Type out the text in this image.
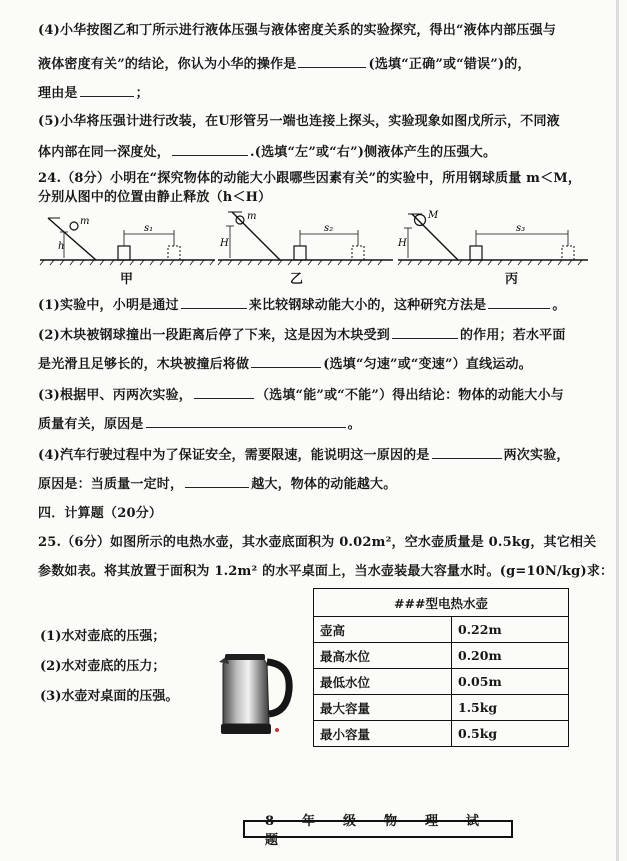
(4)小华按图乙和丁所示进行液体压强与液体密度关系的实验探究，得出“液体内部压强与
液体密度有关”的结论，你认为小华的操作是	(选填“正确”或“错误”)的，
理由是	；
(5)小华将压强计进行改装，在U形管另一端也连接上探头，实验现象如图戊所示，不同液
体内部在同一深度处，	.(选填“左”或“右”)侧液体产生的压强大。
24.（8分）小明在“探究物体的动能大小跟哪些因素有关”的实验中，所用钢球质量 m＜M，
分别从图中的位置由静止释放（h＜H）
h
m
s₁
甲
H
m
s₂
乙
H
M
s₃
丙
(1)实验中，小明是通过	来比较钢球动能大小的，这种研究方法是	。
(2)木块被钢球撞出一段距离后停了下来，这是因为木块受到	的作用；若水平面
是光滑且足够长的，木块被撞后将做	(选填“匀速”或“变速”）直线运动。
(3)根据甲、丙两次实验，	（选填“能”或“不能”）得出结论：物体的动能大小与
质量有关，原因是	。
(4)汽车行驶过程中为了保证安全，需要限速，能说明这一原因的是	两次实验，
原因是：当质量一定时，	越大，物体的动能越大。
四．计算题（20分）
25.（6分）如图所示的电热水壶，其水壶底面积为 0.02m²，空水壶质量是 0.5kg，其它相关
参数如表。将其放置于面积为 1.2m² 的水平桌面上，当水壶装最大容量水时。(g=10N/kg)求：
(1)水对壶底的压强；
(2)水对壶底的压力；
(3)水壶对桌面的压强。
###型电热水壶	
壶高	0.22m
最高水位	0.20m
最低水位	0.05m
最大容量	1.5kg
最小容量	0.5kg
8年级物理试题
